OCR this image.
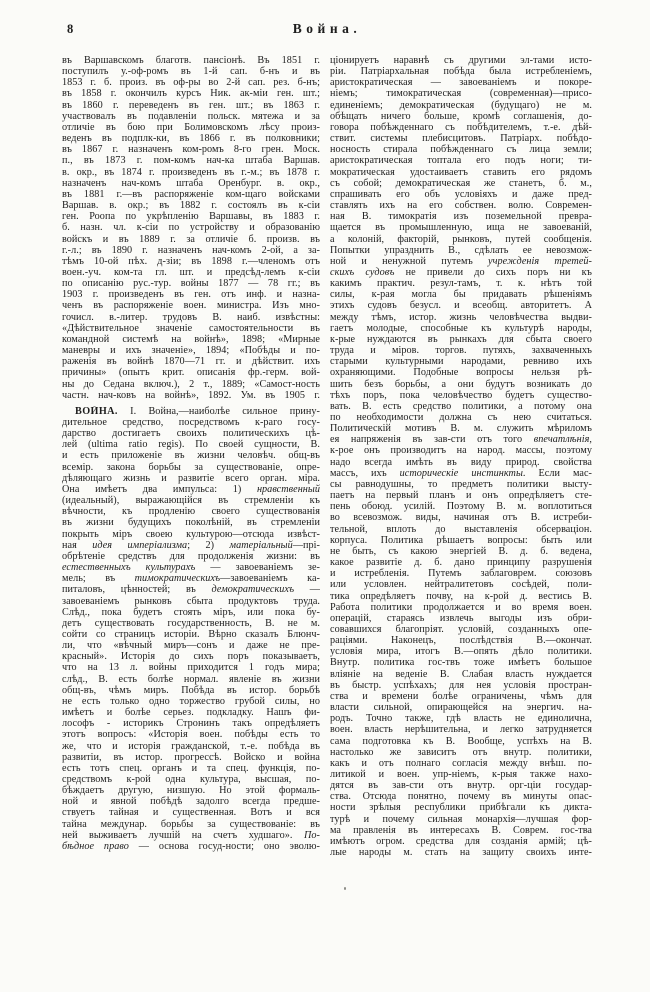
8	Война.
въ Варшавскомъ благотв. пансіонѣ. Въ 1851 г.
поступилъ у.-оф-ромъ въ 1-й сап. б-нъ и въ
1853 г. б. произ. въ оф-ры во 2-й сап. рез. б-нъ;
въ 1858 г. окончилъ курсъ Ник. ак-міи ген. шт.;
въ 1860 г. переведенъ въ ген. шт.; въ 1863 г.
участвовалъ въ подавленіи польск. мятежа и за
отличіе въ бою при Болимовскомъ лѣсу произ-
веденъ въ подплк-ки, въ 1866 г. въ полковники;
въ 1867 г. назначенъ ком-ромъ 8-го грен. Моск.
п., въ 1873 г. пом-комъ нач-ка штаба Варшав.
в. окр., въ 1874 г. произведенъ въ г.-м.; въ 1878 г.
назначенъ нач-комъ штаба Оренбург. в. окр.,
въ 1881 г.—въ распоряженіе ком-щаго войсками
Варшав. в. окр.; въ 1882 г. состоялъ въ к-сіи
ген. Роопа по укрѣпленію Варшавы, въ 1883 г.
б. назн. чл. к-сіи по устройству и образованію
войскъ и въ 1889 г. за отличіе б. произв. въ
г.-л.; въ 1890 г. назначенъ нач-комъ 2-ой, а за-
тѣмъ 10-ой пѣх. д-зіи; въ 1898 г.—членомъ отъ
воен.-уч. ком-та гл. шт. и предсѣд-лемъ к-сіи
по описанію рус.-тур. войны 1877 — 78 гг.; въ
1903 г. произведенъ въ ген. отъ инф. и назна-
ченъ въ распоряженіе воен. министра. Изъ мно-
гочисл. в.-литер. трудовъ В. наиб. извѣстны:
«Дѣйствительное значеніе самостоятельности въ
командной системѣ на войнѣ», 1898; «Мирные
маневры и ихъ значеніе», 1894; «Побѣды и по-
раженія въ войнѣ 1870—71 гг. и дѣйствит. ихъ
причины» (опытъ крит. описанія фр.-герм. вой-
ны до Седана включ.), 2 т., 1889; «Самост-ность
частн. нач-ковъ на войнѣ», 1892. Ум. въ 1905 г.
ВОЙНА. I. Война,—наиболѣе сильное прину-
дительное средство, посредствомъ к-раго госу-
дарство достигаетъ своихъ политическихъ цѣ-
лей (ultima ratio regis). По своей сущности, В.
и есть приложеніе въ жизни человѣч. общ-въ
всемір. закона борьбы за существованіе, опре-
дѣляющаго жизнь и развитіе всего орган. міра.
Она имѣетъ два импульса: 1) нравственный
(идеальный), выражающійся въ стремленіи къ
вѣчности, къ продленію своего существованія
въ жизни будущихъ поколѣній, въ стремленіи
покрыть міръ своею культурою—отсюда извѣст-
ная идея имперіализма; 2) матеріальный—прі-
обрѣтеніе средствъ для продолженія жизни: въ
естественныхъ культурахъ — завоеваніемъ зе-
мель; въ тимократическихъ—завоеваніемъ ка-
питаловъ, цѣнностей; въ демократическихъ —
завоеваніемъ рынковъ сбыта продуктовъ труда.
Слѣд., пока будетъ стоять міръ, или пока бу-
детъ существовать государственность, В. не м.
сойти со страницъ исторіи. Вѣрно сказалъ Блюнч-
ли, что «вѣчный миръ—сонъ и даже не пре-
красный». Исторія до сихъ поръ показываетъ,
что на 13 л. войны приходится 1 годъ мира;
слѣд., В. есть болѣе нормал. явленіе въ жизни
общ-въ, чѣмъ миръ. Побѣда въ истор. борьбѣ
не есть только одно торжество грубой силы, но
имѣетъ и болѣе серьез. подкладку. Нашъ фи-
лософъ - историкъ Стронинъ такъ опредѣляетъ
этотъ вопросъ: «Исторія воен. побѣды есть то
же, что и исторія гражданской, т.-е. побѣда въ
развитіи, въ истор. прогрессѣ. Войско и война
есть тотъ спец. органъ и та спец. функція, по-
средствомъ к-рой одна культура, высшая, по-
бѣждаетъ другую, низшую. Но этой формаль-
ной и явной побѣдѣ задолго всегда предше-
ствуетъ тайная и существенная. Вотъ и вся
тайна междунар. борьбы за существованіе: въ
ней выживаетъ лучшій на счетъ худшаго». По-
бѣдное право — основа госуд-ности; оно эволю-
ціонируетъ наравнѣ съ другими эл-тами исто-
ріи. Патріархальная побѣда была истребленіемъ,
аристократическая — завоеваніемъ и покоре-
ніемъ; тимократическая (современная)—присо-
единеніемъ; демократическая (будущаго) не м.
обѣщать ничего больше, кромѣ соглашенія, до-
говора побѣжденнаго съ побѣдителемъ, т.-е. дѣй-
ствит. системы плебисцитовъ. Патріарх. побѣдо-
носность стирала побѣжденнаго съ лица земли;
аристократическая топтала его подъ ноги; ти-
мократическая удостаиваетъ ставить его рядомъ
съ собой; демократическая же станетъ, б. м.,
спрашивать его объ условіяхъ и даже пред-
ставлять ихъ на его собствен. волю. Современ-
ная В. тимократія изъ поземельной превра-
щается въ промышленную, ища не завоеваній,
а колоній, факторій, рынковъ, путей сообщенія.
Попытки упразднить В., сдѣлать ее невозмож-
ной и ненужной путемъ учрежденія третей-
скихъ судовъ не привели до сихъ поръ ни къ
какимъ практич. резул-тамъ, т. к. нѣтъ той
силы, к-рая могла бы придавать рѣшеніямъ
этихъ судовъ безусл. и всеобщ. авторитетъ. А
между тѣмъ, истор. жизнь человѣчества выдви-
гаетъ молодые, способные къ культурѣ народы,
к-рые нуждаются въ рынкахъ для сбыта своего
труда и міров. торгов. путяхъ, захваченныхъ
старыми культурными народами, ревниво ихъ
охраняющими. Подобные вопросы нельзя рѣ-
шить безъ борьбы, а они будутъ возникать до
тѣхъ поръ, пока человѣчество будетъ существо-
вать. В. есть средство политики, а потому она
по необходимости должна съ нею считаться.
Политическій мотивъ В. м. служить мѣриломъ
ея напряженія въ зав-сти отъ того впечатлѣнія,
к-рое онъ производитъ на народ. массы, поэтому
надо всегда имѣть въ виду природ. свойства
массъ, ихъ историческіе инстинкты. Если мас-
сы равнодушны, то предметъ политики высту-
паетъ на первый планъ и онъ опредѣляетъ сте-
пень обоюд. усилій. Поэтому В. м. воплотиться
во всевозмож. виды, начиная отъ В. истреби-
тельной, вплоть до выставленія обсерваціон.
корпуса. Политика рѣшаетъ вопросы: быть или
не быть, съ какою энергіей В. д. б. ведена,
какое развитіе д. б. дано принципу разрушенія
и истребленія. Путемъ заблаговрем. союзовъ
или условлен. нейтралитетовъ сосѣдей, поли-
тика опредѣляетъ почву, на к-рой д. вестись В.
Работа политики продолжается и во время воен.
операцій, стараясь извлечь выгоды изъ обри-
совавшихся благопріят. условій, созданныхъ опе-
раціями. Наконецъ, послѣдствія В.—окончат.
условія мира, итогъ В.—опять дѣло политики.
Внутр. политика гос-твъ тоже имѣетъ большое
вліяніе на веденіе В. Слабая власть нуждается
въ быстр. успѣхахъ; для нея условія простран-
ства и времени болѣе ограничены, чѣмъ для
власти сильной, опирающейся на энергич. на-
родъ. Точно также, гдѣ власть не единолична,
воен. власть нерѣшительна, и легко затрудняется
сама подготовка къ В. Вообще, успѣхъ на В.
настолько же зависитъ отъ внутр. политики,
какъ и отъ полнаго согласія между внѣш. по-
литикой и воен. упр-ніемъ, к-рыя также нахо-
дятся въ зав-сти отъ внутр. орг-ціи государ-
ства. Отсюда понятно, почему въ минуты опас-
ности зрѣлыя республики прибѣгали къ дикта-
турѣ и почему сильная монархія—лучшая фор-
ма правленія въ интересахъ В. Соврем. гос-тва
имѣютъ огром. средства для созданія армій; цѣ-
лые народы м. стать на защиту своихъ инте-
